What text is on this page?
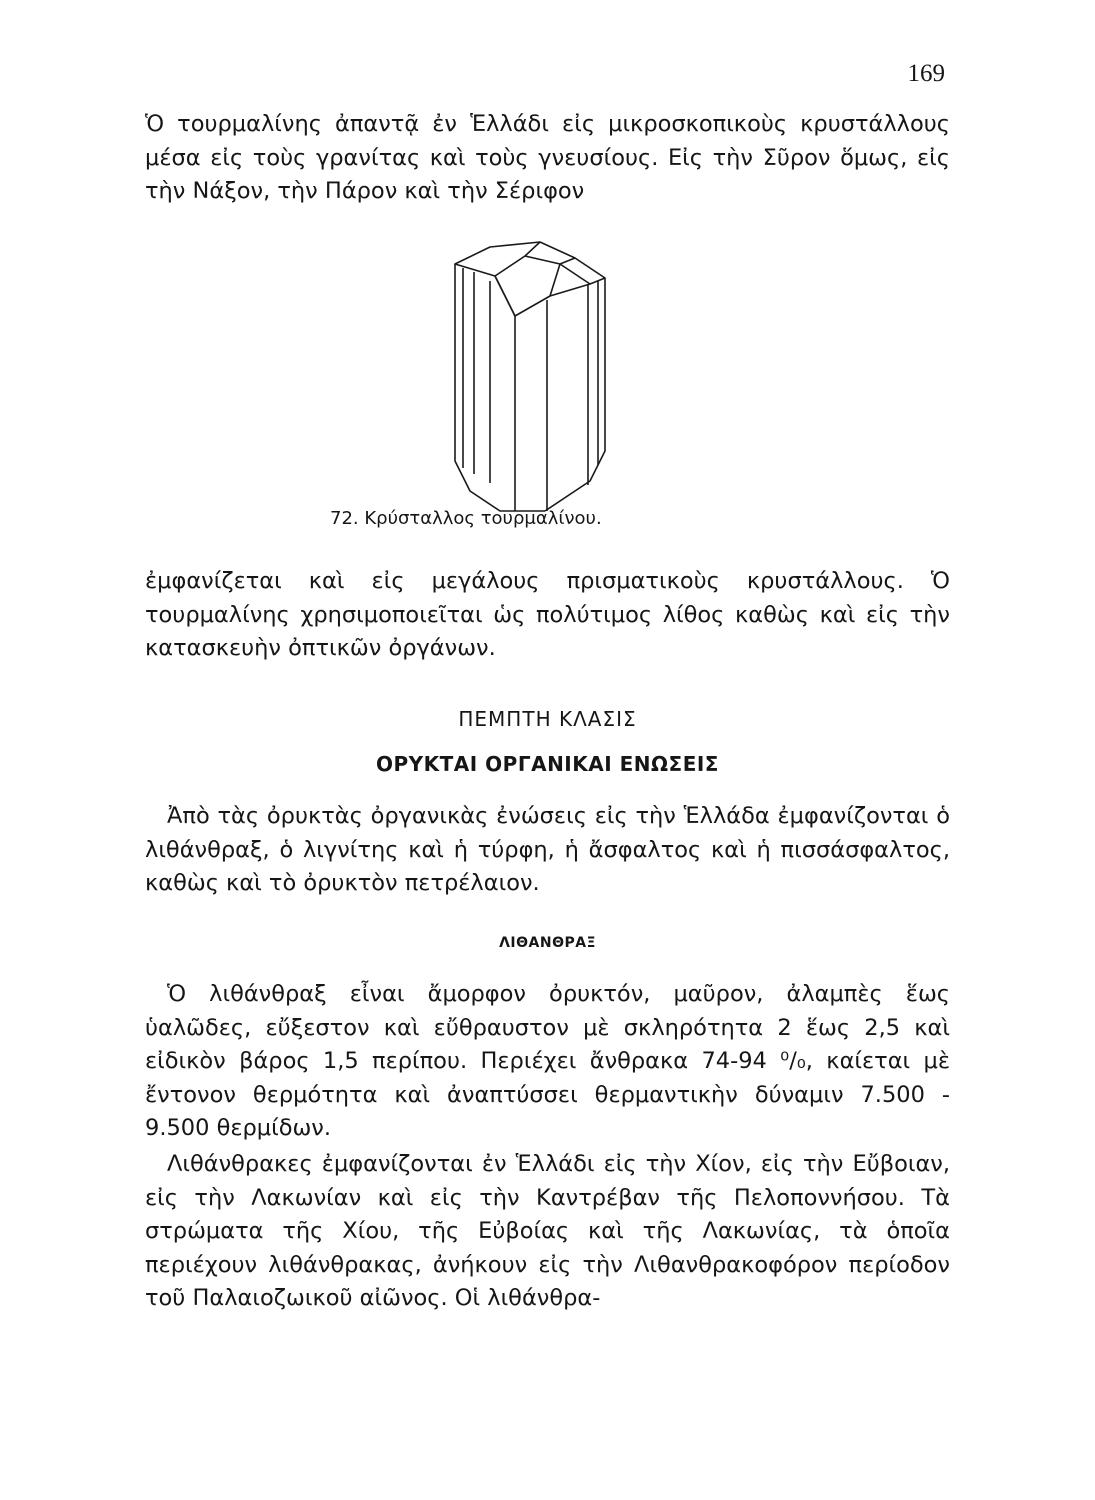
169

Ὁ τουρμαλίνης ἀπαντᾷ ἐν Ἑλλάδι εἰς μικροσκοπικοὺς κρυστάλλους μέσα εἰς τοὺς γρανίτας καὶ τοὺς γνευσίους. Εἰς τὴν Σῦρον ὅμως, εἰς τὴν Νάξον, τὴν Πάρον καὶ τὴν Σέριφον

72. Κρύσταλλος τουρμαλίνου.

ἐμφανίζεται καὶ εἰς μεγάλους πρισματικοὺς κρυστάλλους. Ὁ τουρμαλίνης χρησιμοποιεῖται ὡς πολύτιμος λίθος καθὼς καὶ εἰς τὴν κατασκευὴν ὀπτικῶν ὀργάνων.

ΠΕΜΠΤΗ ΚΛΑΣΙΣ
ΟΡΥΚΤΑΙ ΟΡΓΑΝΙΚΑΙ ΕΝΩΣΕΙΣ

Ἀπὸ τὰς ὀρυκτὰς ὀργανικὰς ἐνώσεις εἰς τὴν Ἑλλάδα ἐμφανίζονται ὁ λιθάνθραξ, ὁ λιγνίτης καὶ ἡ τύρφη, ἡ ἄσφαλτος καὶ ἡ πισσάσφαλτος, καθὼς καὶ τὸ ὀρυκτὸν πετρέλαιον.

ΛΙΘΑΝΘΡΑΞ

Ὁ λιθάνθραξ εἶναι ἄμορφον ὀρυκτόν, μαῦρον, ἀλαμπὲς ἕως ὑαλῶδες, εὔξεστον καὶ εὔθραυστον μὲ σκληρότητα 2 ἕως 2,5 καὶ εἰδικὸν βάρος 1,5 περίπου. Περιέχει ἄνθρακα 74-94 ⁰/₀, καίεται μὲ ἔντονον θερμότητα καὶ ἀναπτύσσει θερμαντικὴν δύναμιν 7.500 - 9.500 θερμίδων.

Λιθάνθρακες ἐμφανίζονται ἐν Ἑλλάδι εἰς τὴν Χίον, εἰς τὴν Εὔβοιαν, εἰς τὴν Λακωνίαν καὶ εἰς τὴν Καντρέβαν τῆς Πελοποννήσου. Τὰ στρώματα τῆς Χίου, τῆς Εὐβοίας καὶ τῆς Λακωνίας, τὰ ὁποῖα περιέχουν λιθάνθρακας, ἀνήκουν εἰς τὴν Λιθανθρακοφόρον περίοδον τοῦ Παλαιοζωικοῦ αἰῶνος. Οἱ λιθάνθρα-
